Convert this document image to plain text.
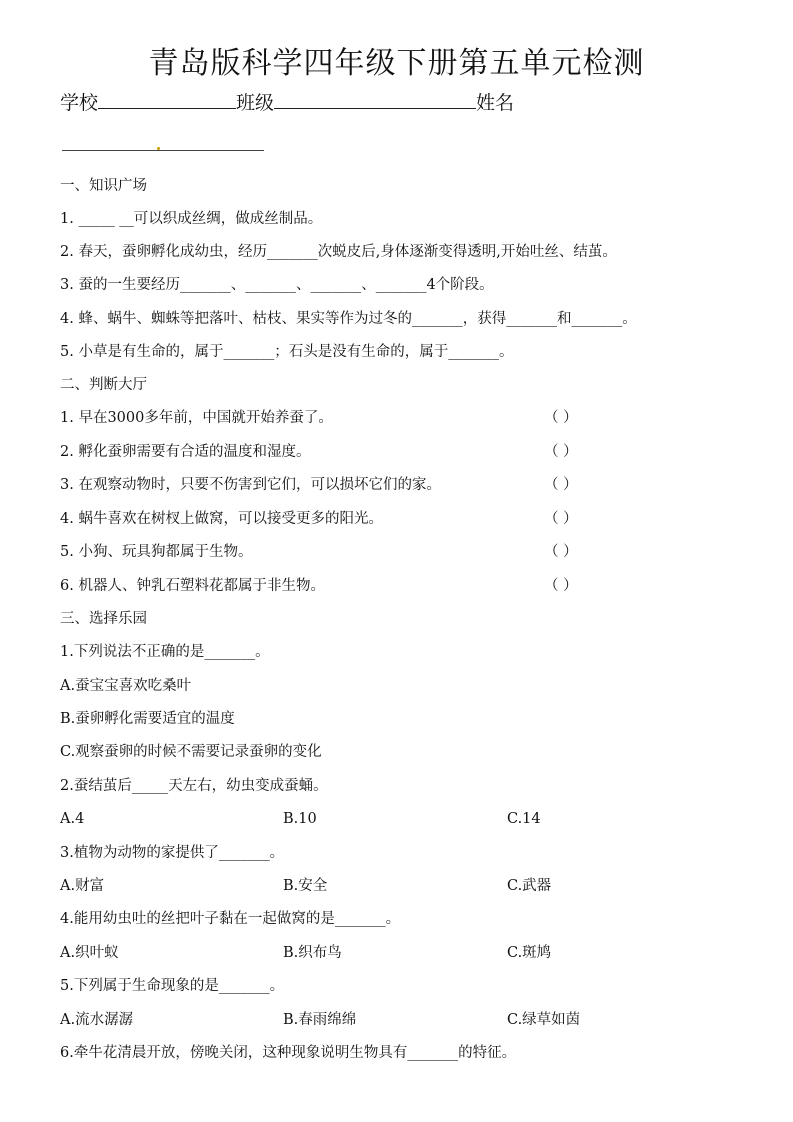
青岛版科学四年级下册第五单元检测
学校	班级	姓名
一、知识广场
1. _____ __可以织成丝绸，做成丝制品。
2. 春天，蚕卵孵化成幼虫，经历_______次蜕皮后,身体逐渐变得透明,开始吐丝、结茧。
3. 蚕的一生要经历_______、_______、_______、_______4个阶段。
4. 蜂、蜗牛、蜘蛛等把落叶、枯枝、果实等作为过冬的_______，获得_______和_______。
5. 小草是有生命的，属于_______；石头是没有生命的，属于_______。
二、判断大厅
1. 早在3000多年前，中国就开始养蚕了。	（ ）
2. 孵化蚕卵需要有合适的温度和湿度。	（ ）
3. 在观察动物时，只要不伤害到它们，可以损坏它们的家。	（ ）
4. 蜗牛喜欢在树杈上做窝，可以接受更多的阳光。	（ ）
5. 小狗、玩具狗都属于生物。	（ ）
6. 机器人、钟乳石塑料花都属于非生物。	（ ）
三、选择乐园
1.下列说法不正确的是_______。
A.蚕宝宝喜欢吃桑叶
B.蚕卵孵化需要适宜的温度
C.观察蚕卵的时候不需要记录蚕卵的变化
2.蚕结茧后_____天左右，幼虫变成蚕蛹。
A.4	B.10	C.14
3.植物为动物的家提供了_______。
A.财富	B.安全	C.武器
4.能用幼虫吐的丝把叶子黏在一起做窝的是_______。
A.织叶蚁	B.织布鸟	C.斑鸠
5.下列属于生命现象的是_______。
A.流水潺潺	B.春雨绵绵	C.绿草如茵
6.牵牛花清晨开放，傍晚关闭，这种现象说明生物具有_______的特征。
